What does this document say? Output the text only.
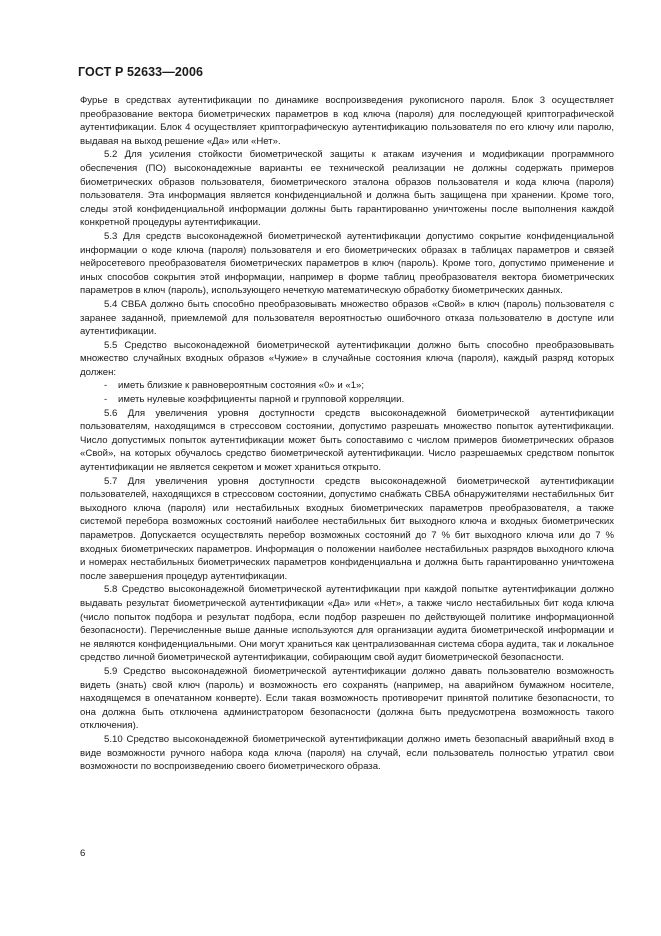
ГОСТ Р 52633—2006

Фурье в средствах аутентификации по динамике воспроизведения рукописного пароля. Блок 3 осуществляет преобразование вектора биометрических параметров в код ключа (пароля) для последующей криптографической аутентификации. Блок 4 осуществляет криптографическую аутентификацию пользователя по его ключу или паролю, выдавая на выход решение «Да» или «Нет».

5.2 Для усиления стойкости биометрической защиты к атакам изучения и модификации программного обеспечения (ПО) высоконадежные варианты ее технической реализации не должны содержать примеров биометрических образов пользователя, биометрического эталона образов пользователя и кода ключа (пароля) пользователя. Эта информация является конфиденциальной и должна быть защищена при хранении. Кроме того, следы этой конфиденциальной информации должны быть гарантированно уничтожены после выполнения каждой конкретной процедуры аутентификации.

5.3 Для средств высоконадежной биометрической аутентификации допустимо сокрытие конфиденциальной информации о коде ключа (пароля) пользователя и его биометрических образах в таблицах параметров и связей нейросетевого преобразователя биометрических параметров в ключ (пароль). Кроме того, допустимо применение и иных способов сокрытия этой информации, например в форме таблиц преобразователя вектора биометрических параметров в ключ (пароль), использующего нечеткую математическую обработку биометрических данных.

5.4 СВБА должно быть способно преобразовывать множество образов «Свой» в ключ (пароль) пользователя с заранее заданной, приемлемой для пользователя вероятностью ошибочного отказа пользователю в доступе или аутентификации.

5.5 Средство высоконадежной биометрической аутентификации должно быть способно преобразовывать множество случайных входных образов «Чужие» в случайные состояния ключа (пароля), каждый разряд которых должен:

- иметь близкие к равновероятным состояния «0» и «1»;

- иметь нулевые коэффициенты парной и групповой корреляции.

5.6 Для увеличения уровня доступности средств высоконадежной биометрической аутентификации пользователям, находящимся в стрессовом состоянии, допустимо разрешать множество попыток аутентификации. Число допустимых попыток аутентификации может быть сопоставимо с числом примеров биометрических образов «Свой», на которых обучалось средство биометрической аутентификации. Число разрешаемых средством попыток аутентификации не является секретом и может храниться открыто.

5.7 Для увеличения уровня доступности средств высоконадежной биометрической аутентификации пользователей, находящихся в стрессовом состоянии, допустимо снабжать СВБА обнаружителями нестабильных бит выходного ключа (пароля) или нестабильных входных биометрических параметров преобразователя, а также системой перебора возможных состояний наиболее нестабильных бит выходного ключа и входных биометрических параметров. Допускается осуществлять перебор возможных состояний до 7 % бит выходного ключа или до 7 % входных биометрических параметров. Информация о положении наиболее нестабильных разрядов выходного ключа и номерах нестабильных биометрических параметров конфиденциальна и должна быть гарантированно уничтожена после завершения процедур аутентификации.

5.8 Средство высоконадежной биометрической аутентификации при каждой попытке аутентификации должно выдавать результат биометрической аутентификации «Да» или «Нет», а также число нестабильных бит кода ключа (число попыток подбора и результат подбора, если подбор разрешен по действующей политике информационной безопасности). Перечисленные выше данные используются для организации аудита биометрической информации и не являются конфиденциальными. Они могут храниться как централизованная система сбора аудита, так и локальное средство личной биометрической аутентификации, собирающим свой аудит биометрической безопасности.

5.9 Средство высоконадежной биометрической аутентификации должно давать пользователю возможность видеть (знать) свой ключ (пароль) и возможность его сохранять (например, на аварийном бумажном носителе, находящемся в опечатанном конверте). Если такая возможность противоречит принятой политике безопасности, то она должна быть отключена администратором безопасности (должна быть предусмотрена возможность такого отключения).

5.10 Средство высоконадежной биометрической аутентификации должно иметь безопасный аварийный вход в виде возможности ручного набора кода ключа (пароля) на случай, если пользователь полностью утратил свои возможности по воспроизведению своего биометрического образа.

6
